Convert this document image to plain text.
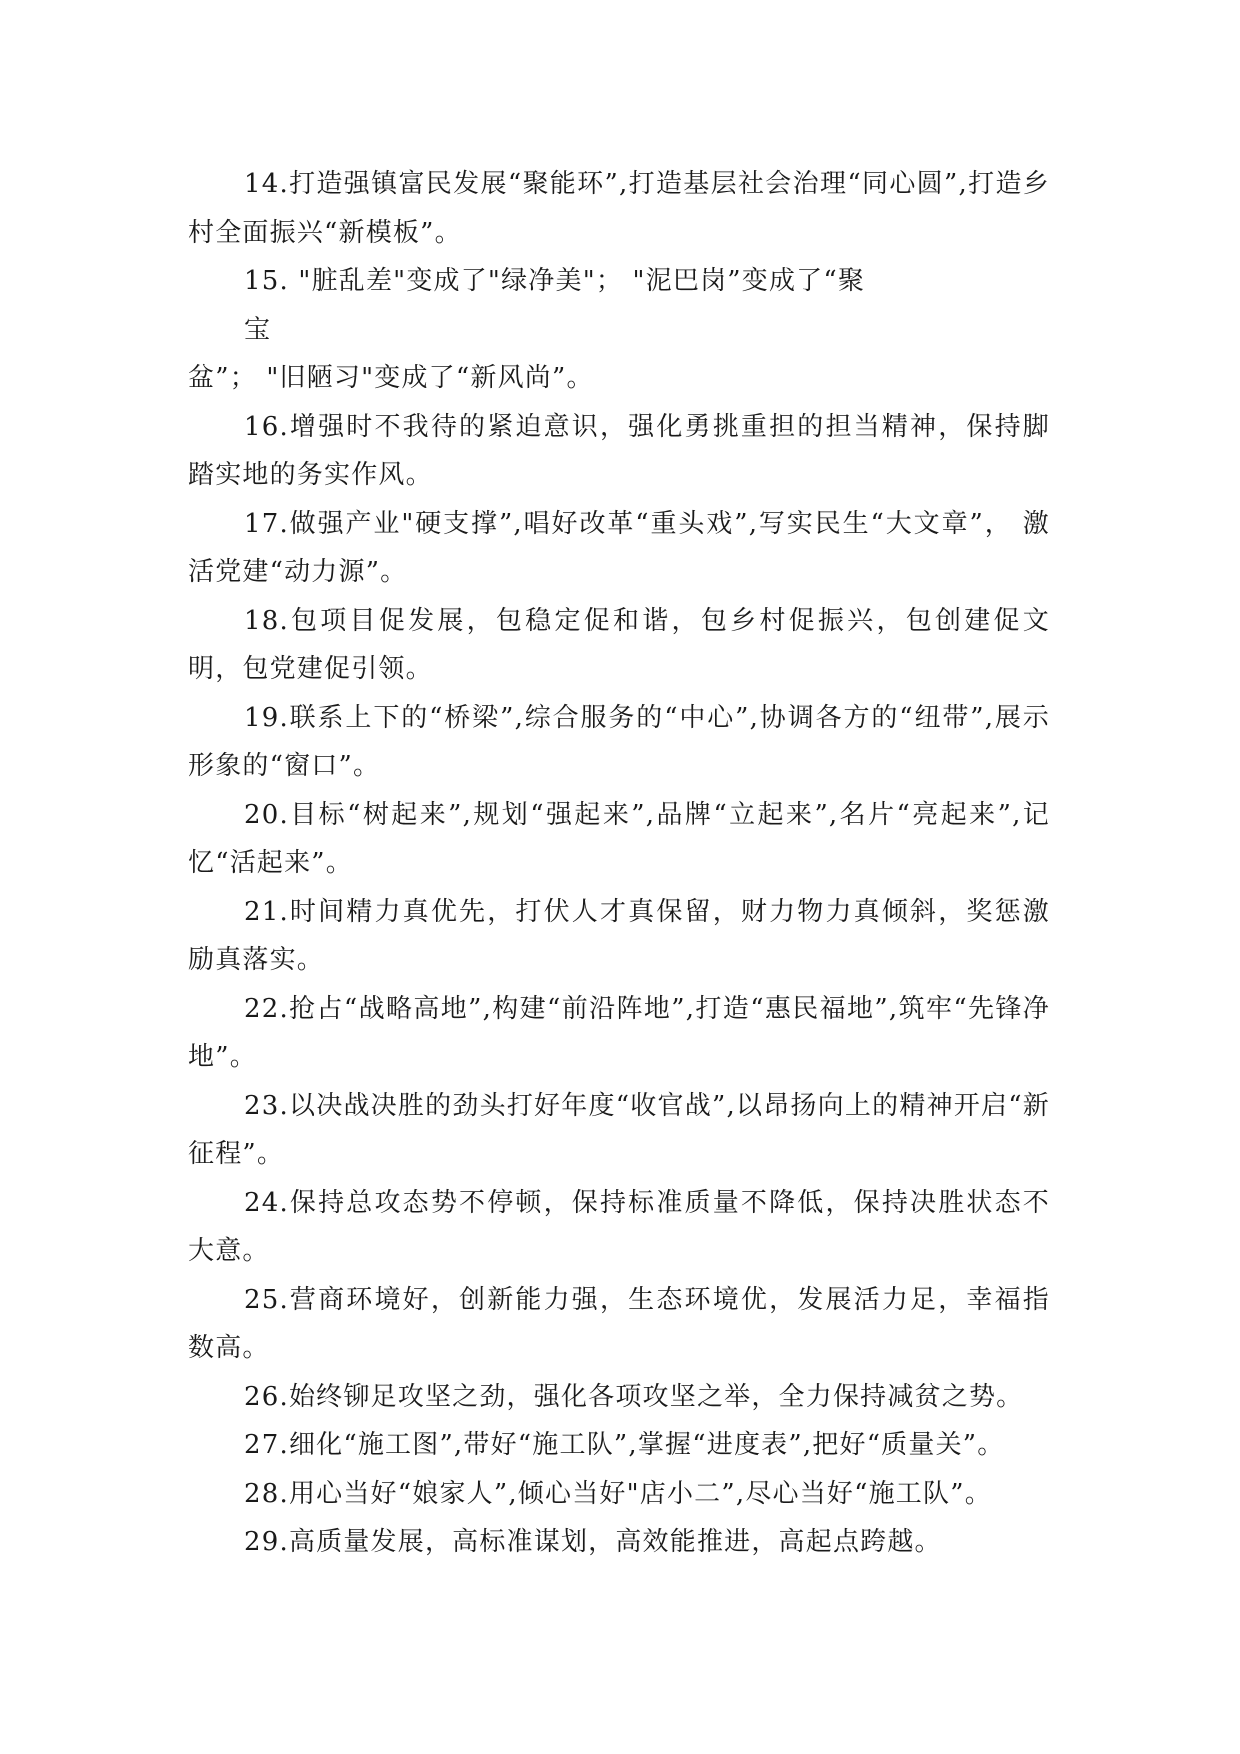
14.打造强镇富民发展“聚能环”,打造基层社会治理“同心圆”,打造乡村全面振兴“新模板”。

15. "脏乱差"变成了"绿净美"； "泥巴岗”变成了“聚
宝
盆”； "旧陋习"变成了“新风尚”。

16.增强时不我待的紧迫意识，强化勇挑重担的担当精神，保持脚踏实地的务实作风。

17.做强产业"硬支撑”,唱好改革“重头戏”,写实民生“大文章”， 激活党建“动力源”。

18.包项目促发展，包稳定促和谐，包乡村促振兴，包创建促文明，包党建促引领。

19.联系上下的“桥梁”,综合服务的“中心”,协调各方的“纽带”,展示形象的“窗口”。

20.目标“树起来”,规划“强起来”,品牌“立起来”,名片“亮起来”,记忆“活起来”。

21.时间精力真优先，打伏人才真保留，财力物力真倾斜，奖惩激励真落实。

22.抢占“战略高地”,构建“前沿阵地”,打造“惠民福地”,筑牢“先锋净地”。

23.以决战决胜的劲头打好年度“收官战”,以昂扬向上的精神开启“新征程”。

24.保持总攻态势不停顿，保持标准质量不降低，保持决胜状态不大意。

25.营商环境好，创新能力强，生态环境优，发展活力足，幸福指数高。

26.始终铆足攻坚之劲，强化各项攻坚之举，全力保持减贫之势。

27.细化“施工图”,带好“施工队”,掌握“进度表”,把好“质量关”。

28.用心当好“娘家人”,倾心当好"店小二”,尽心当好“施工队”。

29.高质量发展，高标准谋划，高效能推进，高起点跨越。
